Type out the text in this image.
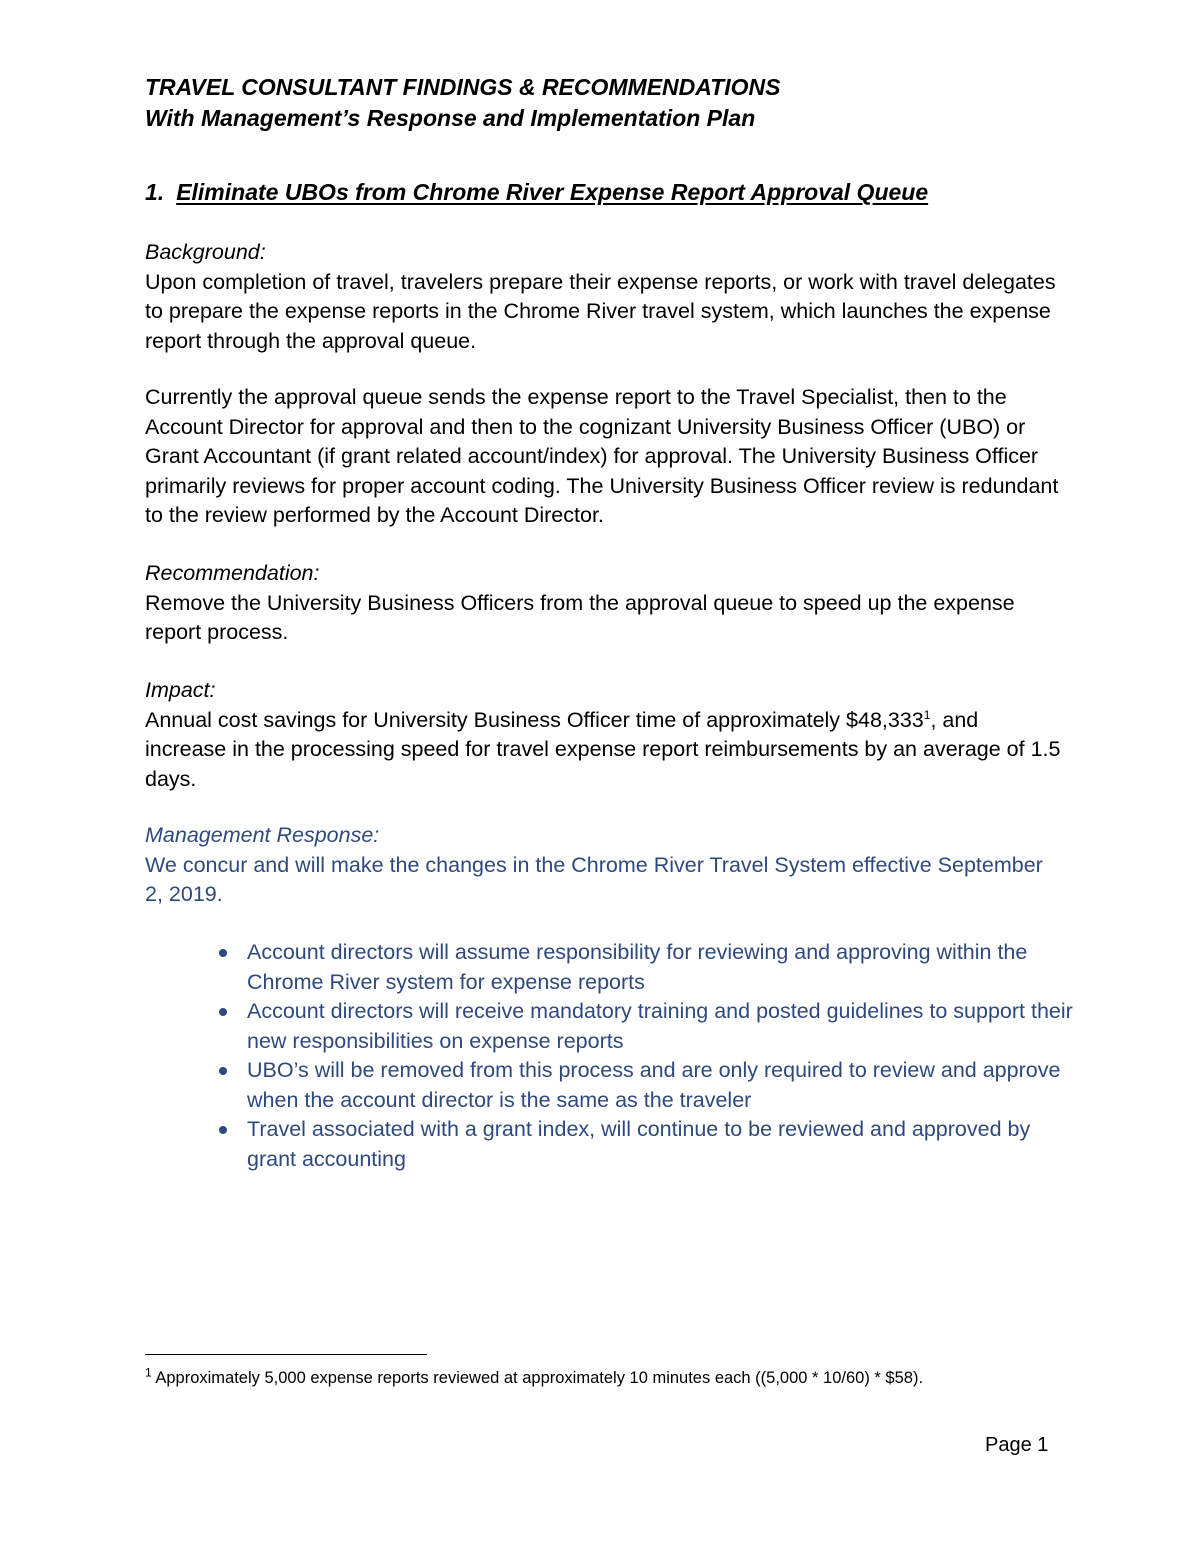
TRAVEL CONSULTANT FINDINGS & RECOMMENDATIONS
With Management’s Response and Implementation Plan
1. Eliminate UBOs from Chrome River Expense Report Approval Queue
Background:
Upon completion of travel, travelers prepare their expense reports, or work with travel delegates to prepare the expense reports in the Chrome River travel system, which launches the expense report through the approval queue.
Currently the approval queue sends the expense report to the Travel Specialist, then to the Account Director for approval and then to the cognizant University Business Officer (UBO) or Grant Accountant (if grant related account/index) for approval. The University Business Officer primarily reviews for proper account coding. The University Business Officer review is redundant to the review performed by the Account Director.
Recommendation:
Remove the University Business Officers from the approval queue to speed up the expense report process.
Impact:
Annual cost savings for University Business Officer time of approximately $48,333$^1$, and increase in the processing speed for travel expense report reimbursements by an average of 1.5 days.
Management Response:
We concur and will make the changes in the Chrome River Travel System effective September 2, 2019.
Account directors will assume responsibility for reviewing and approving within the Chrome River system for expense reports
Account directors will receive mandatory training and posted guidelines to support their new responsibilities on expense reports
UBO’s will be removed from this process and are only required to review and approve when the account director is the same as the traveler
Travel associated with a grant index, will continue to be reviewed and approved by grant accounting
$^1$ Approximately 5,000 expense reports reviewed at approximately 10 minutes each ((5,000 * 10/60) * $58).
Page 1
